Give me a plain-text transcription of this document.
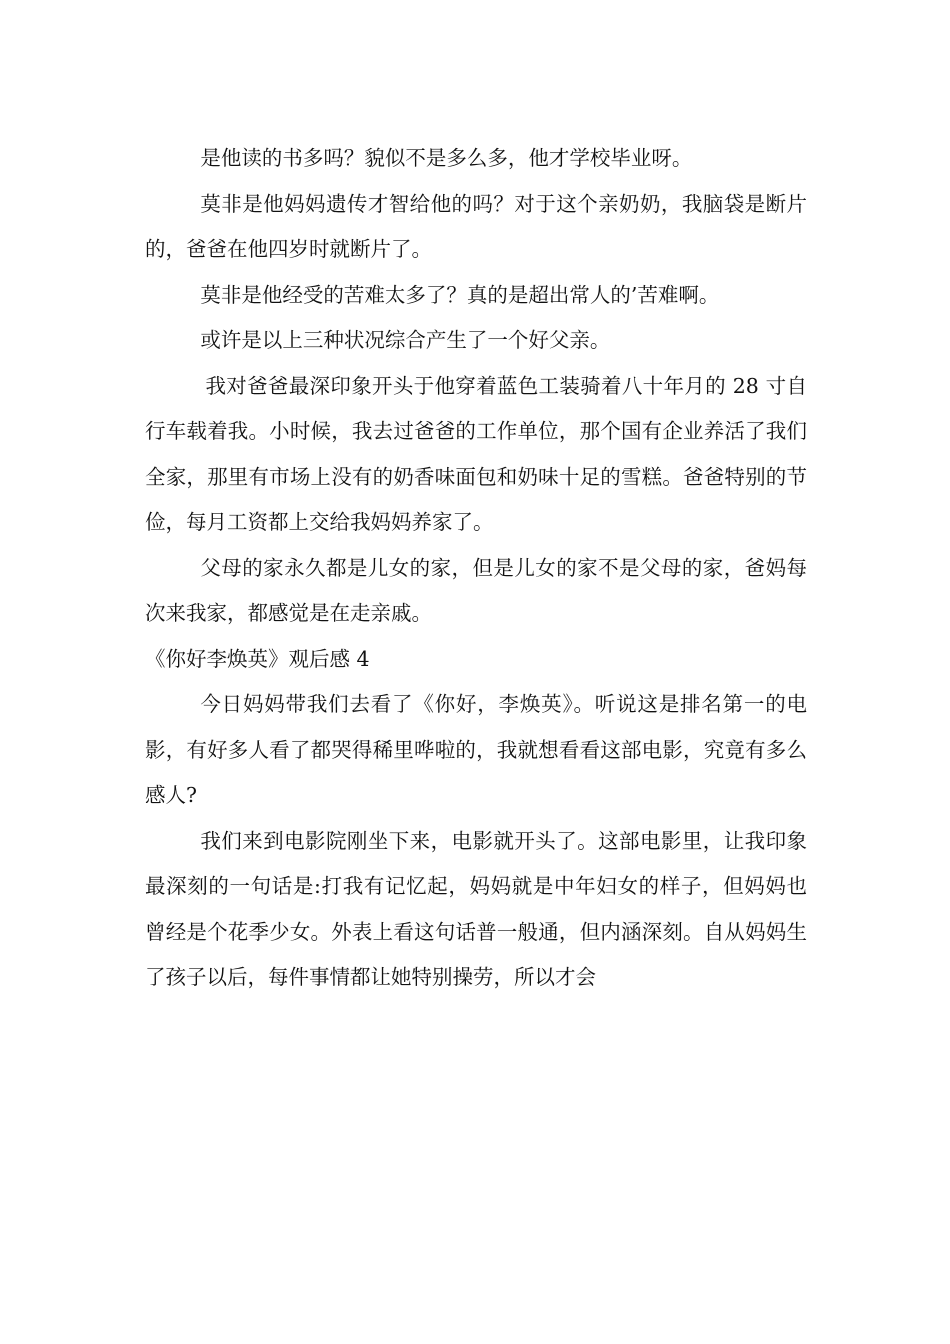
是他读的书多吗？貌似不是多么多，他才学校毕业呀。

莫非是他妈妈遗传才智给他的吗？对于这个亲奶奶，我脑袋是断片的，爸爸在他四岁时就断片了。

莫非是他经受的苦难太多了？真的是超出常人的’苦难啊。

或许是以上三种状况综合产生了一个好父亲。

我对爸爸最深印象开头于他穿着蓝色工装骑着八十年月的 28 寸自行车载着我。小时候，我去过爸爸的工作单位，那个国有企业养活了我们全家，那里有市场上没有的奶香味面包和奶味十足的雪糕。爸爸特别的节俭，每月工资都上交给我妈妈养家了。

父母的家永久都是儿女的家，但是儿女的家不是父母的家，爸妈每次来我家，都感觉是在走亲戚。

《你好李焕英》观后感 4

今日妈妈带我们去看了《你好，李焕英》。听说这是排名第一的电影，有好多人看了都哭得稀里哗啦的，我就想看看这部电影，究竟有多么感人?

我们来到电影院刚坐下来，电影就开头了。这部电影里，让我印象最深刻的一句话是:打我有记忆起，妈妈就是中年妇女的样子，但妈妈也曾经是个花季少女。外表上看这句话普一般通，但内涵深刻。自从妈妈生了孩子以后，每件事情都让她特别操劳，所以才会
